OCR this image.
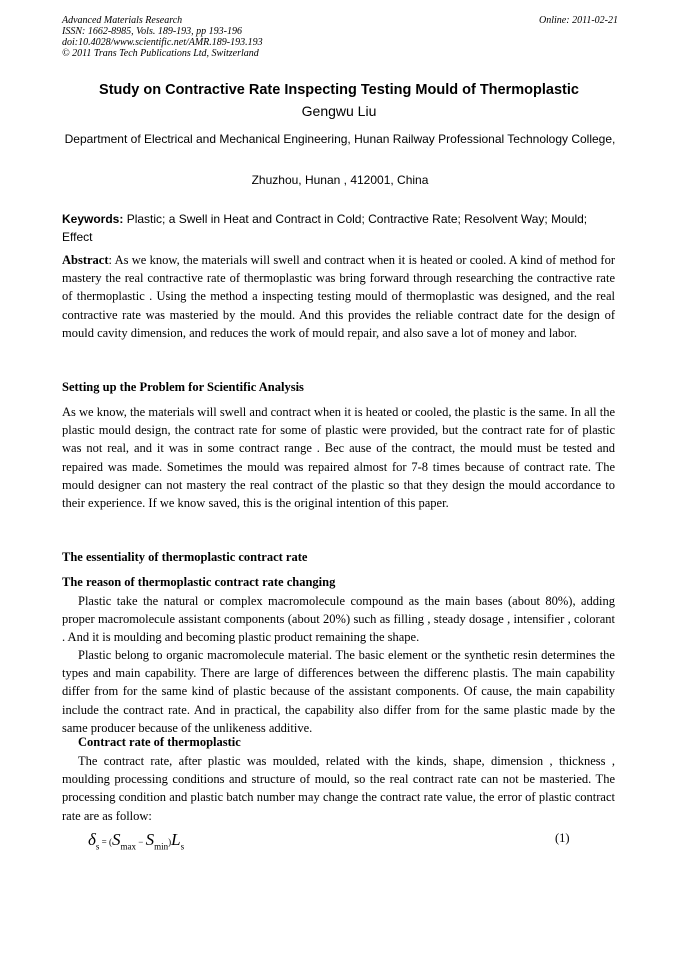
Advanced Materials Research
ISSN: 1662-8985, Vols. 189-193, pp 193-196
doi:10.4028/www.scientific.net/AMR.189-193.193
© 2011 Trans Tech Publications Ltd, Switzerland
Online: 2011-02-21
Study on Contractive Rate Inspecting Testing Mould of Thermoplastic
Gengwu Liu
Department of Electrical and Mechanical Engineering, Hunan Railway Professional Technology College,
Zhuzhou, Hunan , 412001, China
Keywords: Plastic; a Swell in Heat and Contract in Cold; Contractive Rate; Resolvent Way; Mould; Effect
Abstract: As we know, the materials will swell and contract when it is heated or cooled. A kind of method for mastery the real contractive rate of thermoplastic was bring forward through researching the contractive rate of thermoplastic . Using the method a inspecting testing mould of thermoplastic was designed, and the real contractive rate was masteried by the mould. And this provides the reliable contract date for the design of mould cavity dimension, and reduces the work of mould repair, and also save a lot of money and labor.
Setting up the Problem for Scientific Analysis
As we know, the materials will swell and contract when it is heated or cooled, the plastic is the same. In all the plastic mould design, the contract rate for some of plastic were provided, but the contract rate for of plastic was not real, and it was in some contract range . Bec ause of the contract, the mould must be tested and repaired was made. Sometimes the mould was repaired almost for 7-8 times because of contract rate. The mould designer can not mastery the real contract of the plastic so that they design the mould accordance to their experience. If we know saved, this is the original intention of this paper.
The essentiality of thermoplastic contract rate
The reason of thermoplastic contract rate changing
Plastic take the natural or complex macromolecule compound as the main bases (about 80%), adding proper macromolecule assistant components (about 20%) such as filling , steady dosage , intensifier , colorant . And it is moulding and becoming plastic product remaining the shape.
Plastic belong to organic macromolecule material. The basic element or the synthetic resin determines the types and main capability. There are large of differences between the differenc plastis. The main capability differ from for the same kind of plastic because of the assistant components. Of cause, the main capability include the contract rate. And in practical, the capability also differ from for the same plastic made by the same producer because of the unlikeness additive.
Contract rate of thermoplastic
The contract rate, after plastic was moulded, related with the kinds, shape, dimension , thickness , moulding processing conditions and structure of mould, so the real contract rate can not be masteried. The processing condition and plastic batch number may change the contract rate value, the error of plastic contract rate are as follow:
$\delta_s = (S_{max} - S_{min})L_s$
(1)
